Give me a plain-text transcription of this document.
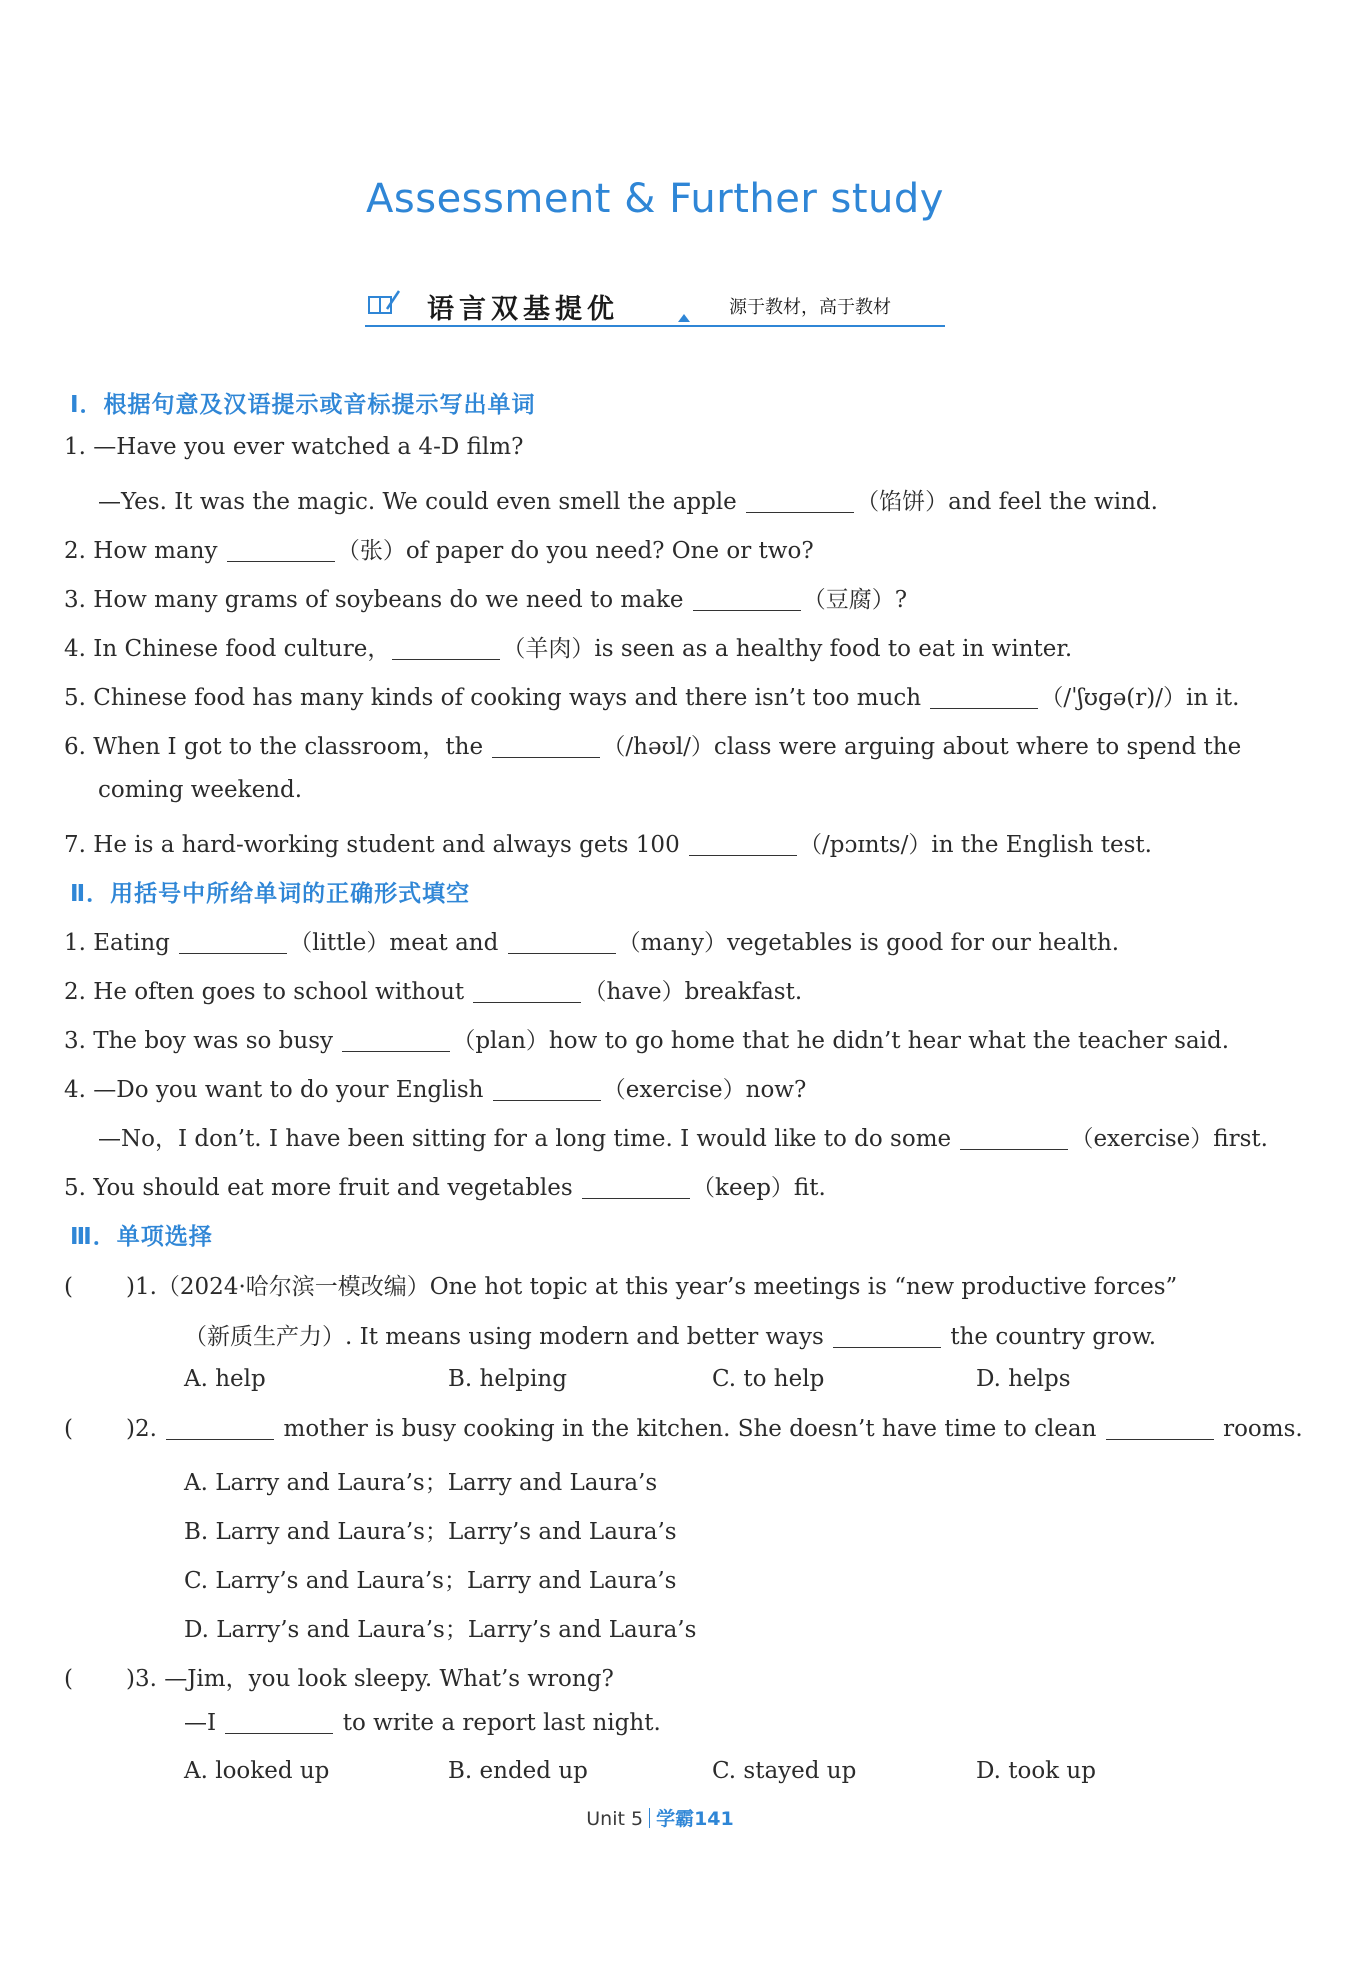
Assessment & Further study
语言双基提优	源于教材，高于教材
Ⅰ．根据句意及汉语提示或音标提示写出单词
1. —Have you ever watched a 4-D film?
—Yes. It was the magic. We could even smell the apple	（馅饼）and feel the wind.
2. How many	（张）of paper do you need? One or two?
3. How many grams of soybeans do we need to make	（豆腐）?
4. In Chinese food culture，	（羊肉）is seen as a healthy food to eat in winter.
5. Chinese food has many kinds of cooking ways and there isn’t too much	（/ˈʃʊɡə(r)/）in it.
6. When I got to the classroom，the	（/həʊl/）class were arguing about where to spend the
coming weekend.
7. He is a hard-working student and always gets 100	（/pɔɪnts/）in the English test.
Ⅱ．用括号中所给单词的正确形式填空
1. Eating	（little）meat and	（many）vegetables is good for our health.
2. He often goes to school without	（have）breakfast.
3. The boy was so busy	（plan）how to go home that he didn’t hear what the teacher said.
4. —Do you want to do your English	（exercise）now?
—No，I don’t. I have been sitting for a long time. I would like to do some	（exercise）first.
5. You should eat more fruit and vegetables	（keep）fit.
Ⅲ．单项选择
( )1.（2024·哈尔滨一模改编）One hot topic at this year’s meetings is “new productive forces”
（新质生产力）. It means using modern and better ways	the country grow.
A. help	B. helping	C. to help	D. helps
( )2.	mother is busy cooking in the kitchen. She doesn’t have time to clean	rooms.
A. Larry and Laura’s；Larry and Laura’s
B. Larry and Laura’s；Larry’s and Laura’s
C. Larry’s and Laura’s；Larry and Laura’s
D. Larry’s and Laura’s；Larry’s and Laura’s
( )3. —Jim，you look sleepy. What’s wrong?
—I	to write a report last night.
A. looked up	B. ended up	C. stayed up	D. took up
Unit 5 学霸141
